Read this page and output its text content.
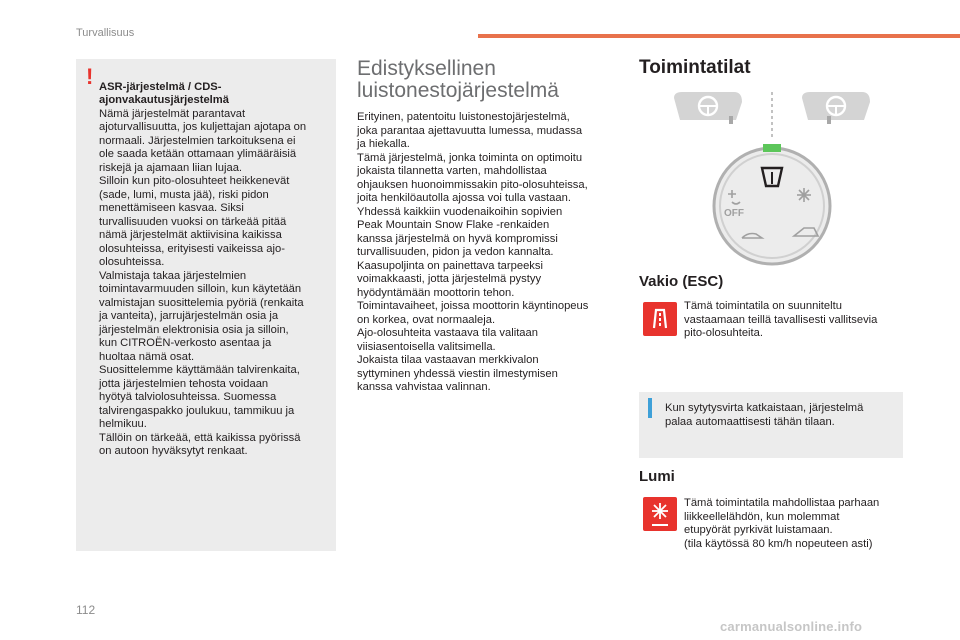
Turvallisuus
! ASR-järjestelmä / CDS-
ajonvakautusjärjestelmä
Nämä järjestelmät parantavat
ajoturvallisuutta, jos kuljettajan ajotapa on
normaali. Järjestelmien tarkoituksena ei
ole saada ketään ottamaan ylimääräisiä
riskejä ja ajamaan liian lujaa.
Silloin kun pito-olosuhteet heikkenevät
(sade, lumi, musta jää), riski pidon
menettämiseen kasvaa. Siksi
turvallisuuden vuoksi on tärkeää pitää
nämä järjestelmät aktiivisina kaikissa
olosuhteissa, erityisesti vaikeissa ajo-
olosuhteissa.
Valmistaja takaa järjestelmien
toimintavarmuuden silloin, kun käytetään
valmistajan suosittelemia pyöriä (renkaita
ja vanteita), jarrujärjestelmän osia ja
järjestelmän elektronisia osia ja silloin,
kun CITROËN-verkosto asentaa ja
huoltaa nämä osat.
Suosittelemme käyttämään talvirenkaita,
jotta järjestelmien tehosta voidaan
hyötyä talviolosuhteissa. Suomessa
talvirengaspakko joulukuu, tammikuu ja
helmikuu.
Tällöin on tärkeää, että kaikissa pyörissä
on autoon hyväksytyt renkaat.

Edistyksellinen
luistonestojärjestelmä
Erityinen, patentoitu luistonestojärjestelmä,
joka parantaa ajettavuutta lumessa, mudassa
ja hiekalla.
Tämä järjestelmä, jonka toiminta on optimoitu
jokaista tilannetta varten, mahdollistaa
ohjauksen huonoimmissakin pito-olosuhteissa,
joita henkilöautolla ajossa voi tulla vastaan.
Yhdessä kaikkiin vuodenaikoihin sopivien
Peak Mountain Snow Flake -renkaiden
kanssa järjestelmä on hyvä kompromissi
turvallisuuden, pidon ja vedon kannalta.
Kaasupoljinta on painettava tarpeeksi
voimakkaasti, jotta järjestelmä pystyy
hyödyntämään moottorin tehon.
Toimintavaiheet, joissa moottorin käyntinopeus
on korkea, ovat normaaleja.
Ajo-olosuhteita vastaava tila valitaan
viisiasentoisella valitsimella.
Jokaista tilaa vastaavan merkkivalon
syttyminen yhdessä viestin ilmestymisen
kanssa vahvistaa valinnan.
Toimintatilat
OFF
Vakio (ESC)
Tämä toimintatila on suunniteltu
vastaamaan teillä tavallisesti vallitsevia
pito-olosuhteita.
Kun sytytysvirta katkaistaan, järjestelmä
palaa automaattisesti tähän tilaan.
Lumi
Tämä toimintatila mahdollistaa parhaan
liikkeellelähdön, kun molemmat
etupyörät pyrkivät luistamaan.
(tila käytössä 80 km/h nopeuteen asti)
112
carmanualsonline.info
